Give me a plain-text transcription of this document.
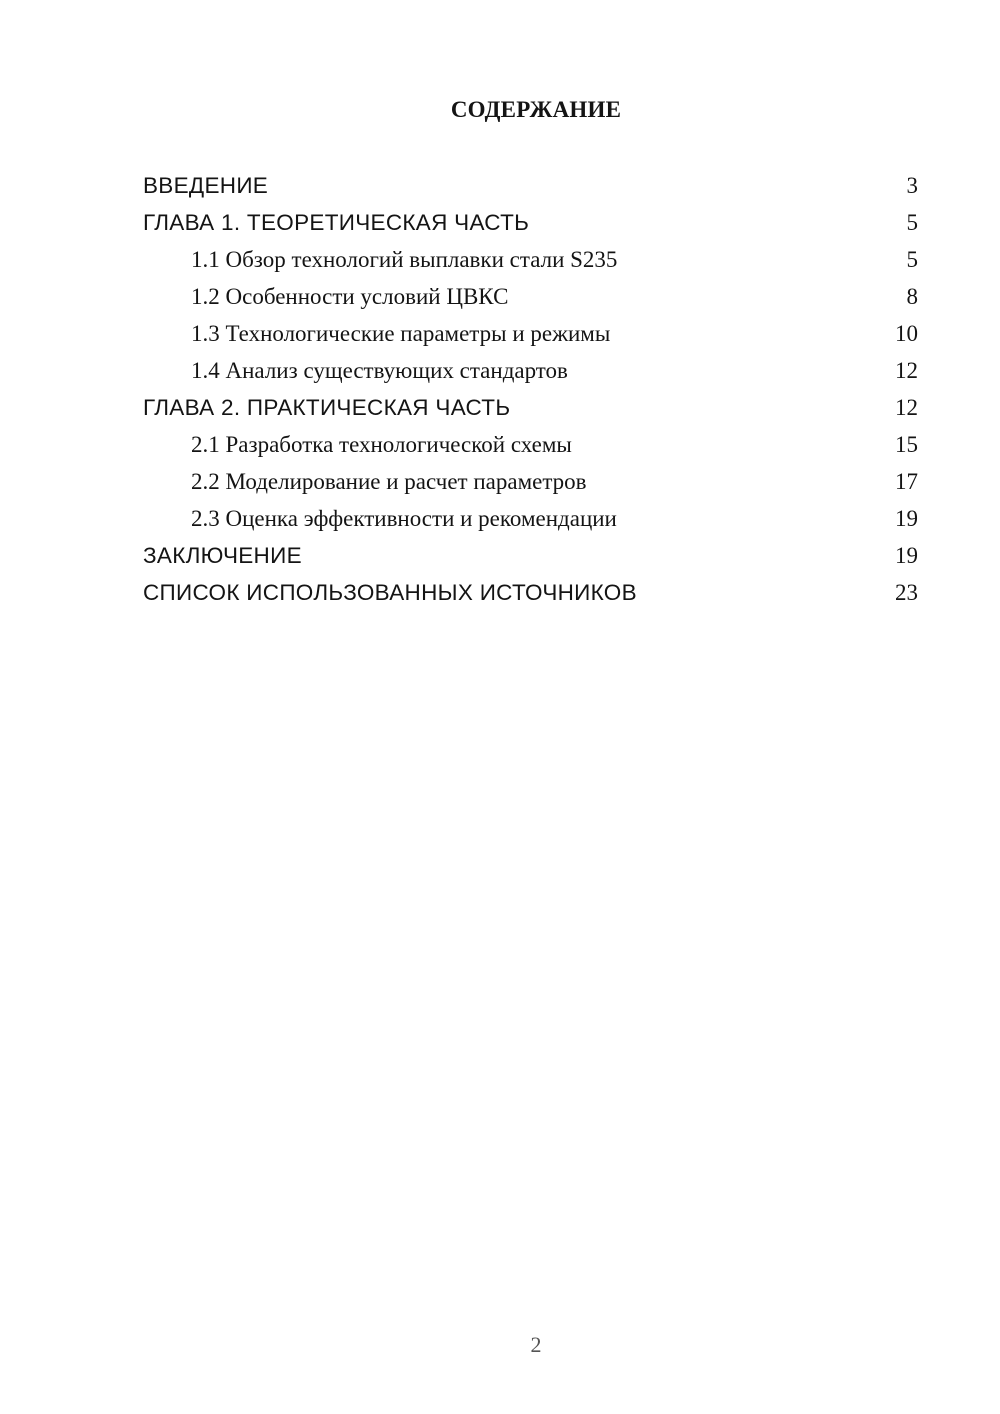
СОДЕРЖАНИЕ
ВВЕДЕНИЕ	3
ГЛАВА 1. ТЕОРЕТИЧЕСКАЯ ЧАСТЬ	5
1.1 Обзор технологий выплавки стали S235	5
1.2 Особенности условий ЦВКС	8
1.3 Технологические параметры и режимы	10
1.4 Анализ существующих стандартов	12
ГЛАВА 2. ПРАКТИЧЕСКАЯ ЧАСТЬ	12
2.1 Разработка технологической схемы	15
2.2 Моделирование и расчет параметров	17
2.3 Оценка эффективности и рекомендации	19
ЗАКЛЮЧЕНИЕ	19
СПИСОК ИСПОЛЬЗОВАННЫХ ИСТОЧНИКОВ	23
2
